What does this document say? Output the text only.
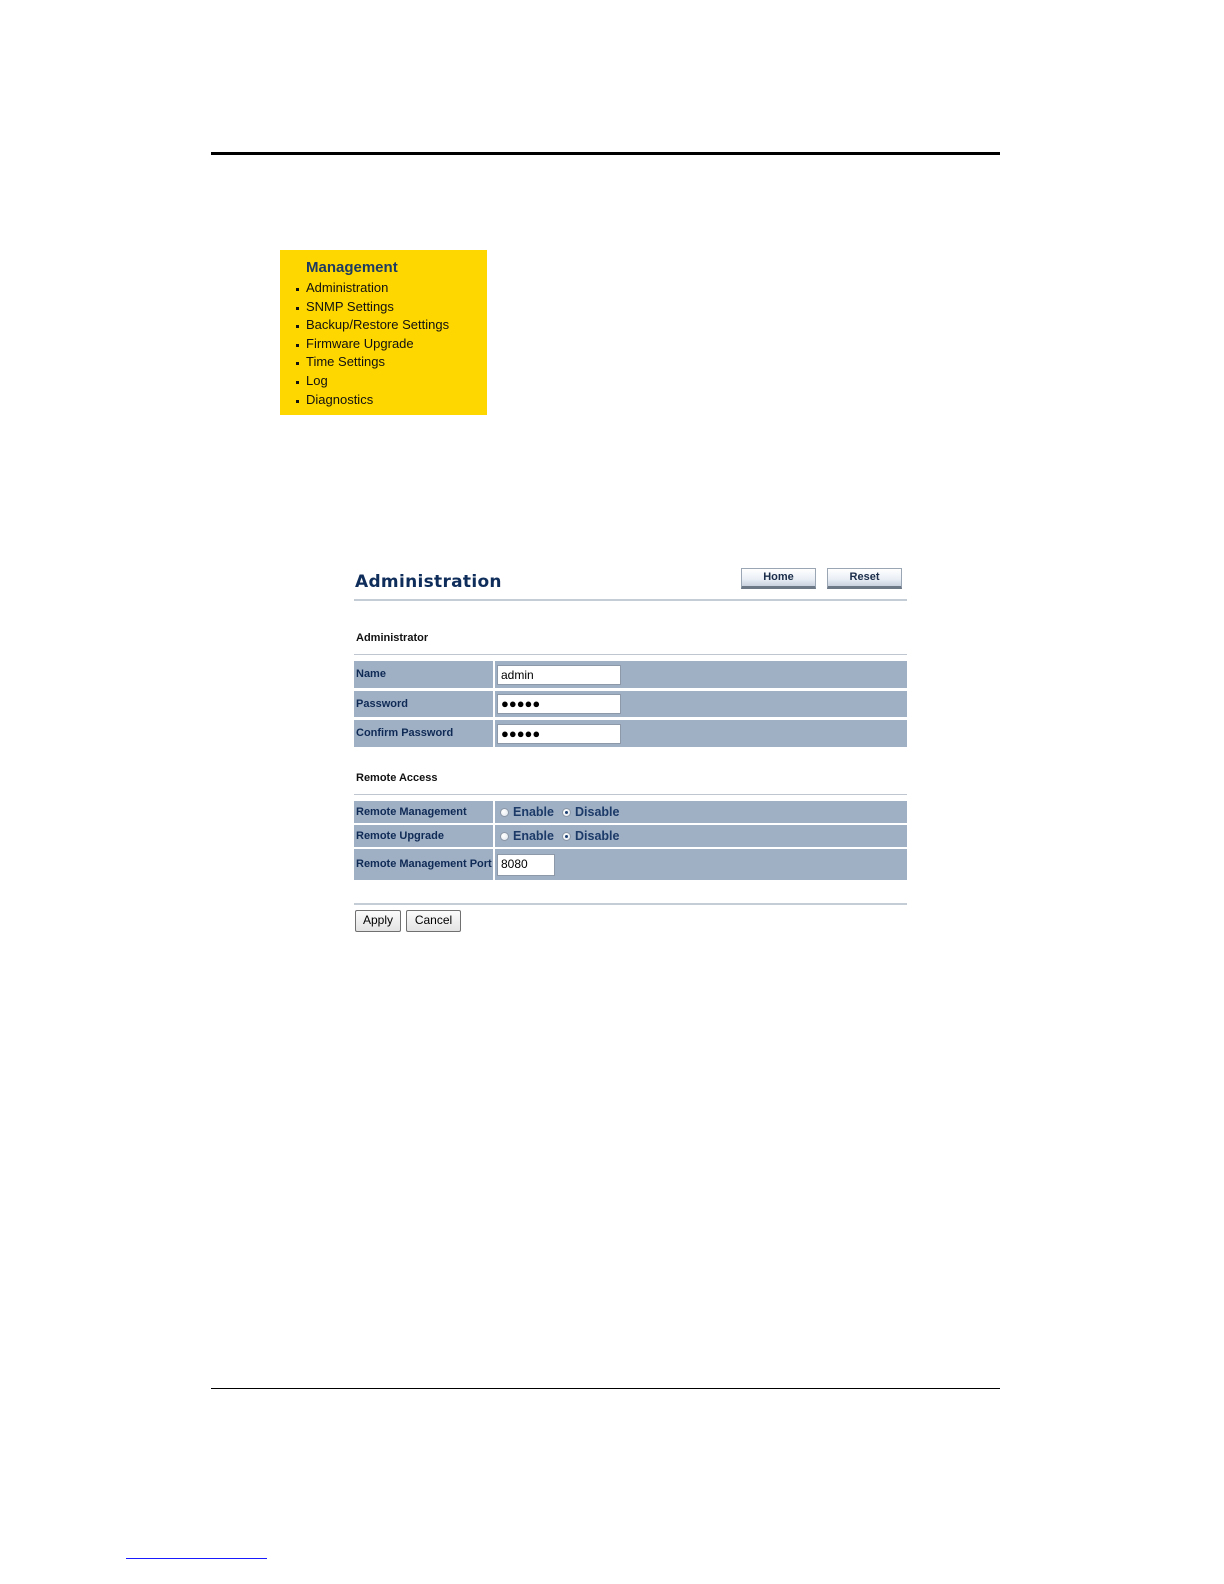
Management
Administration
SNMP Settings
Backup/Restore Settings
Firmware Upgrade
Time Settings
Log
Diagnostics
Administration	Home	Reset
Administrator
Name	admin
Password	●●●●●
Confirm Password	●●●●●
Remote Access
Remote Management	Enable Disable
Remote Upgrade	Enable Disable
Remote Management Port 8080
Apply	Cancel
